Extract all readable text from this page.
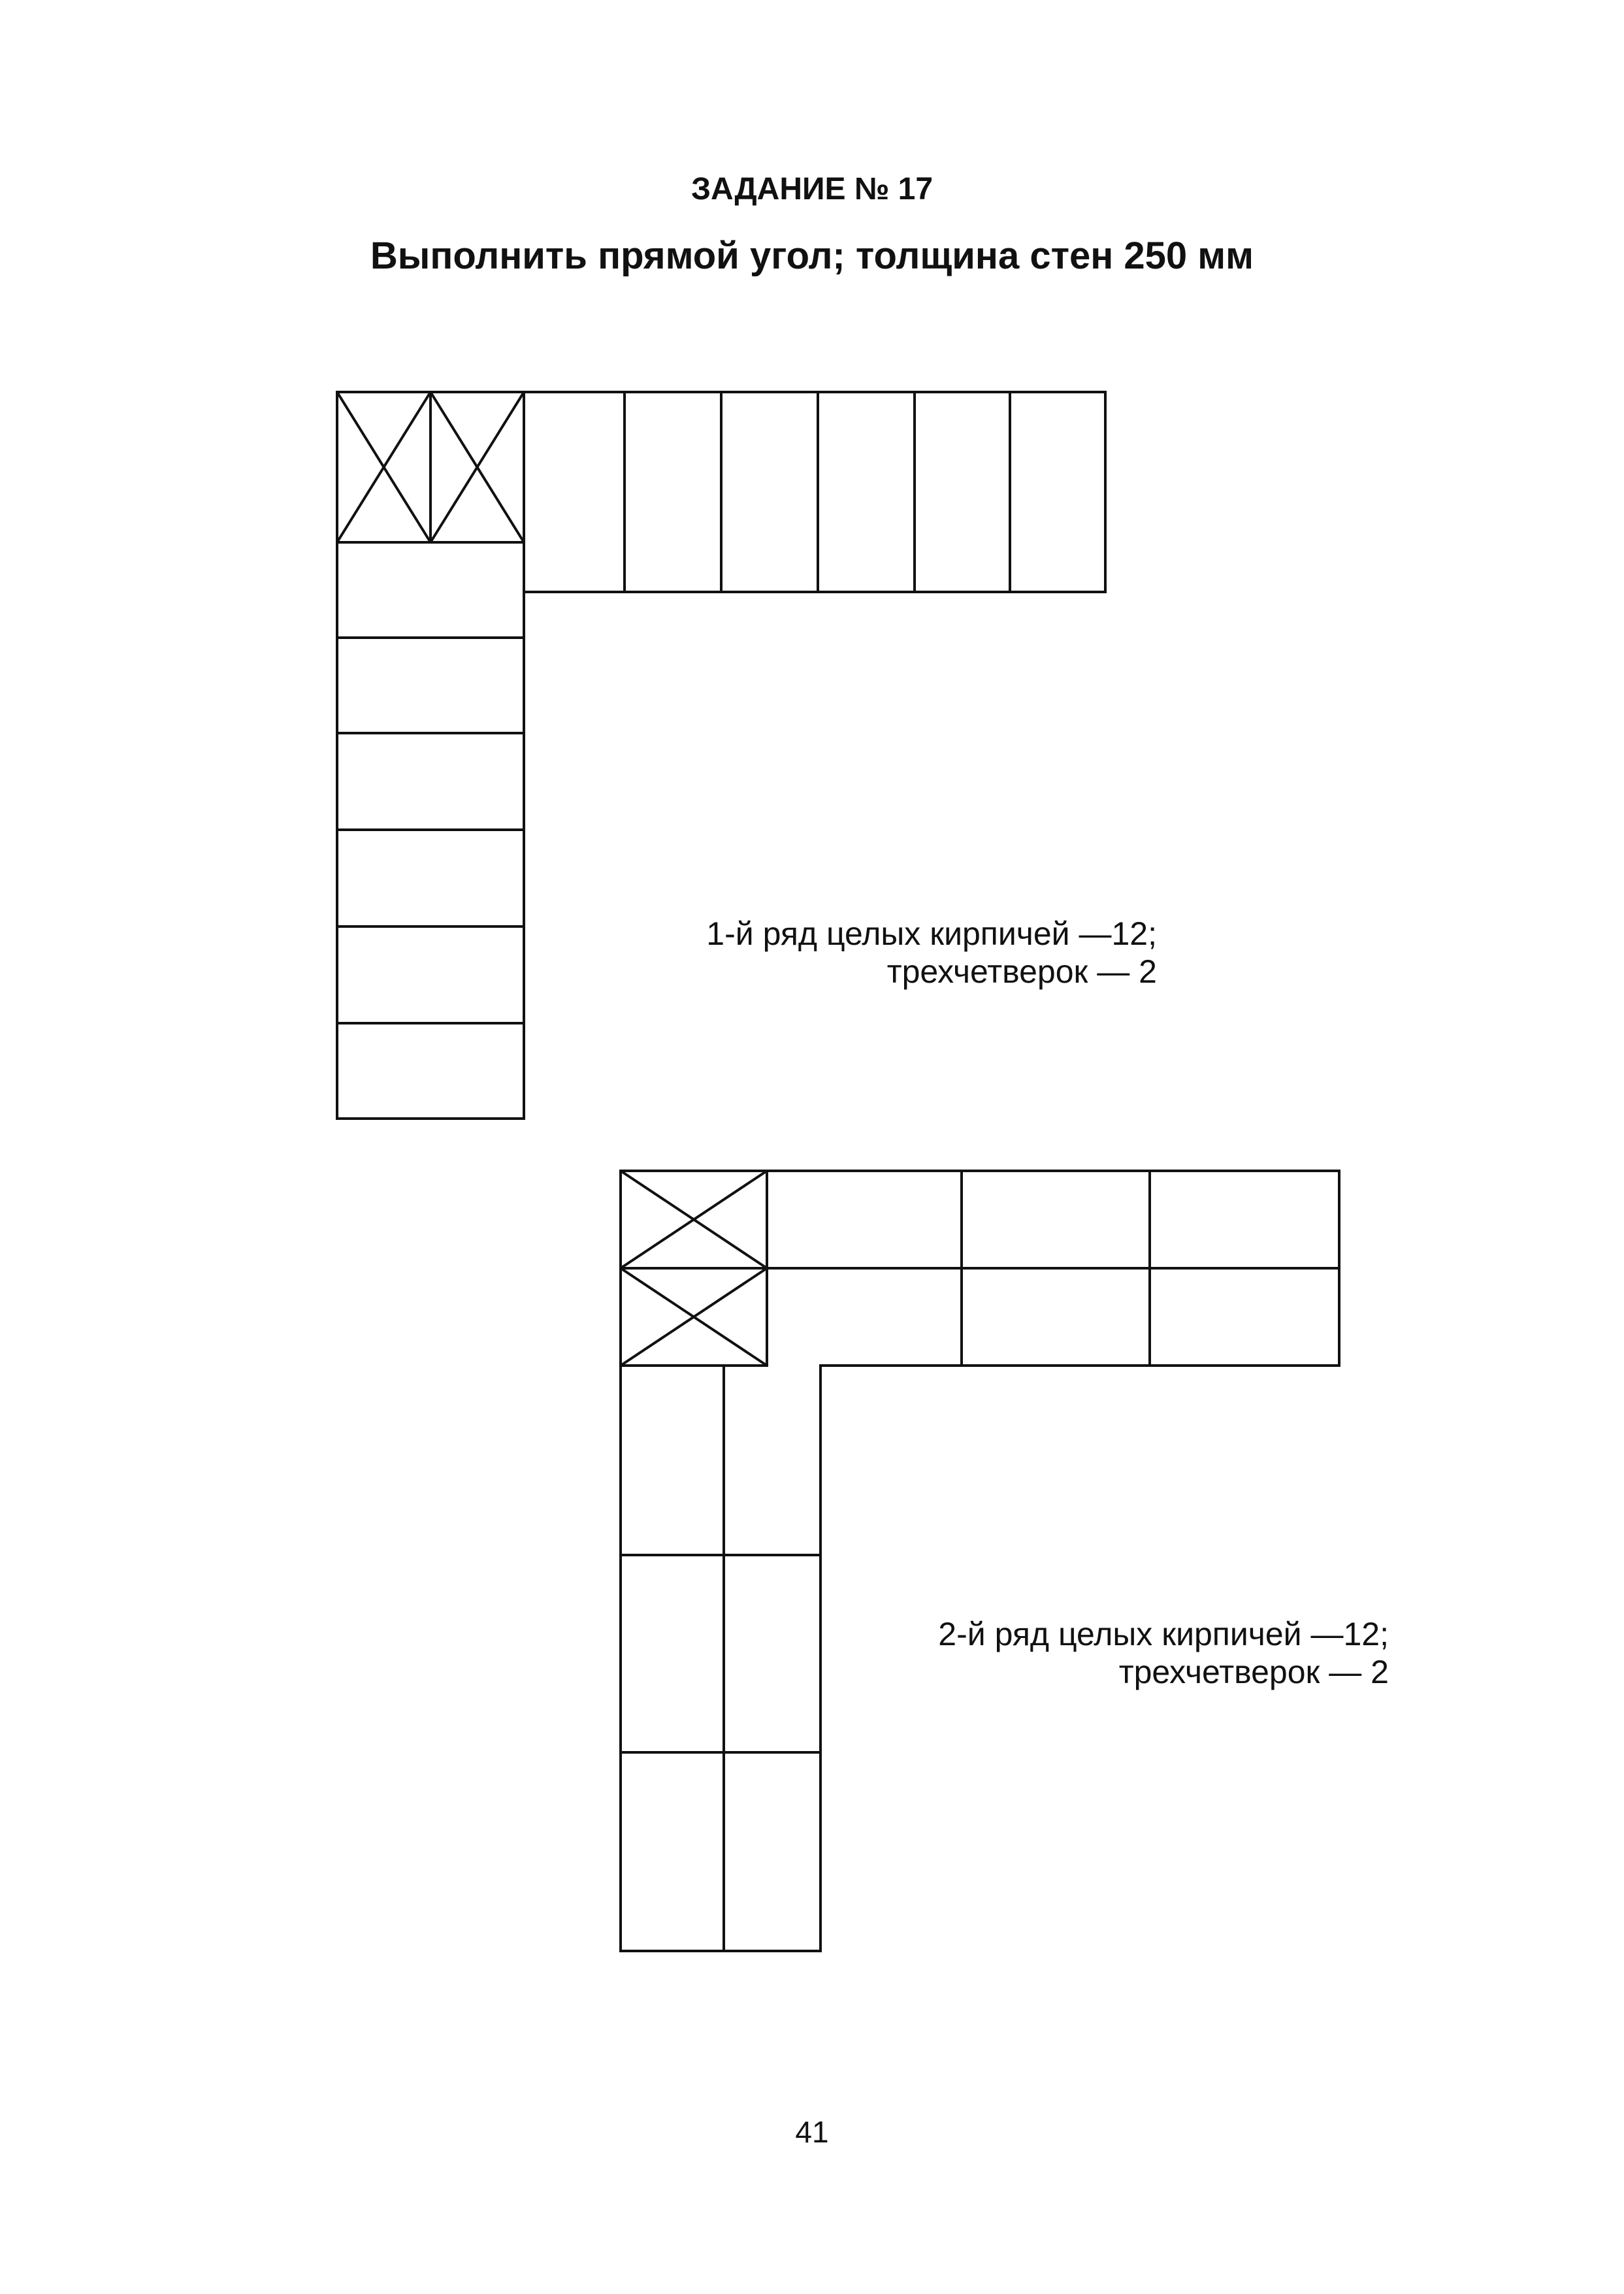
ЗАДАНИЕ № 17
Выполнить прямой угол; толщина стен 250 мм
1-й ряд целых кирпичей —12;
трехчетверок — 2
2-й ряд целых кирпичей —12;
трехчетверок — 2
41
